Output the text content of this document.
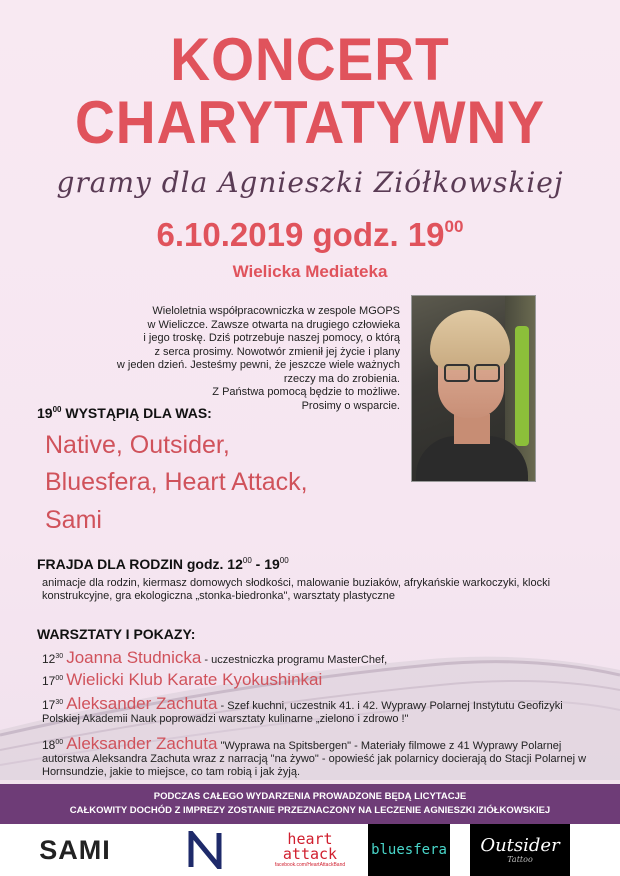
KONCERT
CHARYTATYWNY
gramy dla Agnieszki Ziółkowskiej
6.10.2019 godz. $19^{00}$
Wielicka Mediateka
Wieloletnia współpracowniczka w zespole MGOPS
w Wieliczce. Zawsze otwarta na drugiego człowieka
i jego troskę. Dziś potrzebuje naszej pomocy, o którą
z serca prosimy. Nowotwór zmienił jej życie i plany
w jeden dzień. Jesteśmy pewni, że jeszcze wiele ważnych
rzeczy ma do zrobienia.
Z Państwa pomocą będzie to możliwe.
Prosimy o wsparcie.
$19^{00}$ WYSTĄPIĄ DLA WAS:
Native, Outsider,
Bluesfera, Heart Attack,
Sami
FRAJDA DLA RODZIN godz. $12^{00} - 19^{00}$
animacje dla rodzin, kiermasz domowych słodkości, malowanie buziaków, afrykańskie warkoczyki, klocki konstrukcyjne, gra ekologiczna „stonka-biedronka", warsztaty plastyczne
WARSZTATY I POKAZY:
$12^{30}$ Joanna Studnicka - uczestniczka programu MasterChef,
$17^{00}$ Wielicki Klub Karate Kyokushinkai
$17^{30}$ Aleksander Zachuta - Szef kuchni, uczestnik 41. i 42. Wyprawy Polarnej Instytutu Geofizyki Polskiej Akademii Nauk poprowadzi warsztaty kulinarne „zielono i zdrowo !"
$18^{00}$ Aleksander Zachuta "Wyprawa na Spitsbergen" - Materiały filmowe z 41 Wyprawy Polarnej autorstwa Aleksandra Zachuta wraz z narracją "na żywo" - opowieść jak polarnicy docierają do Stacji Polarnej w Hornsundzie, jakie to miejsce, co tam robią i jak żyją.
PODCZAS CAŁEGO WYDARZENIA PROWADZONE BĘDĄ LICYTACJE
CAŁKOWITY DOCHÓD Z IMPREZY ZOSTANIE PRZEZNACZONY NA LECZENIE AGNIESZKI ZIÓŁKOWSKIEJ
SAMI	heart
attack
facebook.com/HeartAttackBand
bluesfera Outsider
Tattoo
